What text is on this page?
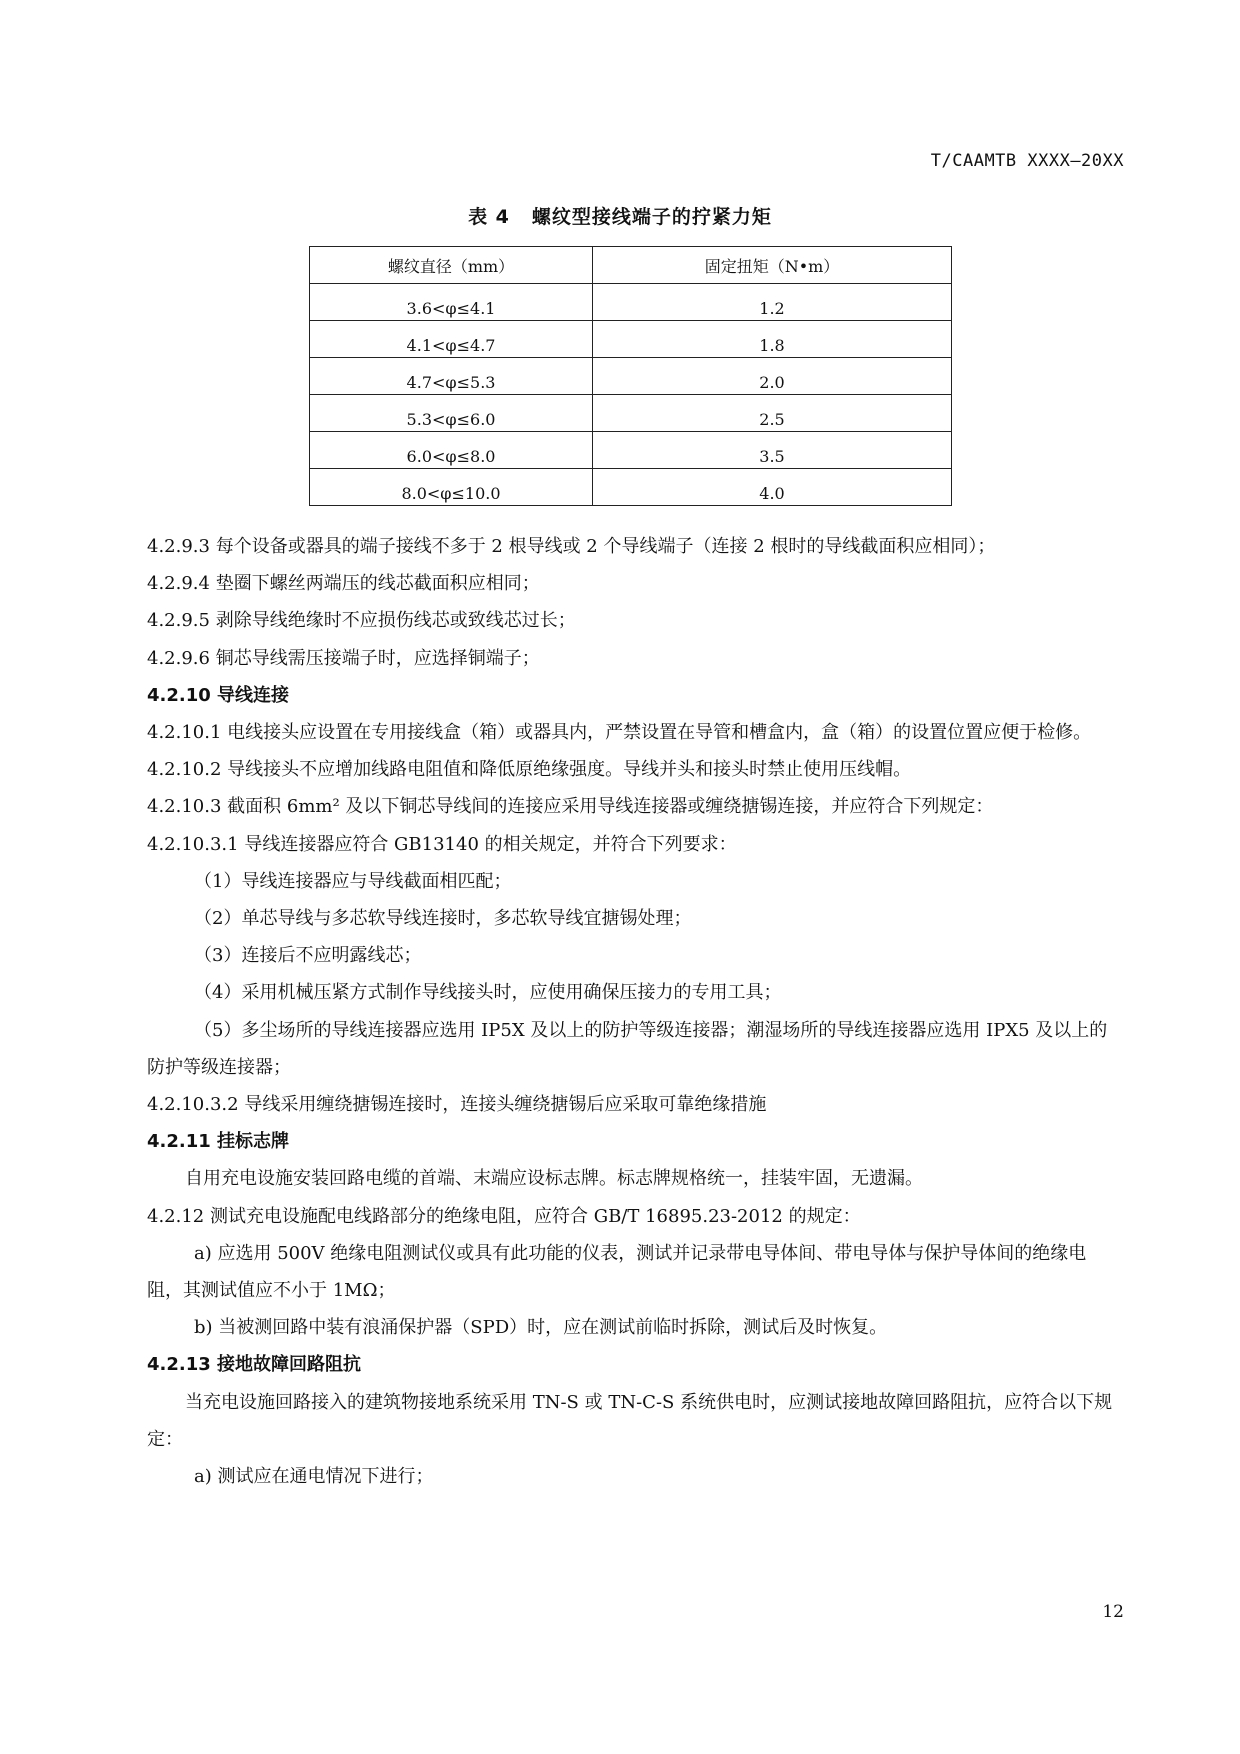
T/CAAMTB XXXX—20XX
表 4 螺纹型接线端子的拧紧力矩
螺纹直径（mm）	固定扭矩（N•m）
3.6<φ≤4.1	1.2
4.1<φ≤4.7	1.8
4.7<φ≤5.3	2.0
5.3<φ≤6.0	2.5
6.0<φ≤8.0	3.5
8.0<φ≤10.0	4.0

4.2.9.3 每个设备或器具的端子接线不多于 2 根导线或 2 个导线端子（连接 2 根时的导线截面积应相同）；

4.2.9.4 垫圈下螺丝两端压的线芯截面积应相同；

4.2.9.5 剥除导线绝缘时不应损伤线芯或致线芯过长；

4.2.9.6 铜芯导线需压接端子时，应选择铜端子；

4.2.10 导线连接

4.2.10.1 电线接头应设置在专用接线盒（箱）或器具内，严禁设置在导管和槽盒内，盒（箱）的设置位置应便于检修。

4.2.10.2 导线接头不应增加线路电阻值和降低原绝缘强度。导线并头和接头时禁止使用压线帽。

4.2.10.3 截面积 6mm² 及以下铜芯导线间的连接应采用导线连接器或缠绕搪锡连接，并应符合下列规定：

4.2.10.3.1 导线连接器应符合 GB13140 的相关规定，并符合下列要求：

（1）导线连接器应与导线截面相匹配；

（2）单芯导线与多芯软导线连接时，多芯软导线宜搪锡处理；

（3）连接后不应明露线芯；

（4）采用机械压紧方式制作导线接头时，应使用确保压接力的专用工具；

（5）多尘场所的导线连接器应选用 IP5X 及以上的防护等级连接器；潮湿场所的导线连接器应选用 IPX5 及以上的防护等级连接器；

4.2.10.3.2 导线采用缠绕搪锡连接时，连接头缠绕搪锡后应采取可靠绝缘措施

4.2.11 挂标志牌

自用充电设施安装回路电缆的首端、末端应设标志牌。标志牌规格统一，挂装牢固，无遗漏。

4.2.12 测试充电设施配电线路部分的绝缘电阻，应符合 GB/T 16895.23-2012 的规定：

a) 应选用 500V 绝缘电阻测试仪或具有此功能的仪表，测试并记录带电导体间、带电导体与保护导体间的绝缘电阻，其测试值应不小于 1MΩ；

b) 当被测回路中装有浪涌保护器（SPD）时，应在测试前临时拆除，测试后及时恢复。

4.2.13 接地故障回路阻抗

当充电设施回路接入的建筑物接地系统采用 TN-S 或 TN-C-S 系统供电时，应测试接地故障回路阻抗，应符合以下规定：

a) 测试应在通电情况下进行；

12
